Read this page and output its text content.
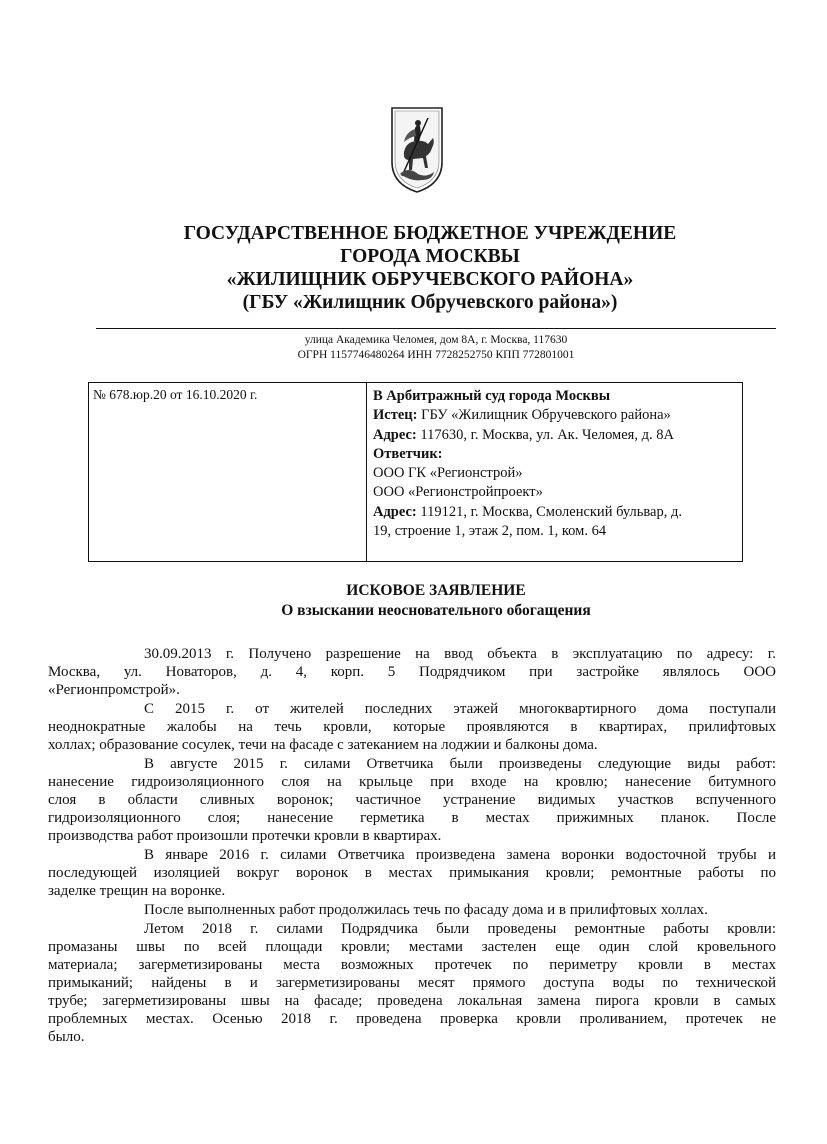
ГОСУДАРСТВЕННОЕ БЮДЖЕТНОЕ УЧРЕЖДЕНИЕ
ГОРОДА МОСКВЫ
«ЖИЛИЩНИК ОБРУЧЕВСКОГО РАЙОНА»
(ГБУ «Жилищник Обручевского района»)
улица Академика Челомея, дом 8А, г. Москва, 117630
ОГРН 1157746480264 ИНН 7728252750 КПП 772801001
№ 678.юр.20 от 16.10.2020 г.	В Арбитражный суд города Москвы
Истец: ГБУ «Жилищник Обручевского района»
Адрес: 117630, г. Москва, ул. Ак. Челомея, д. 8А
Ответчик:
ООО ГК «Регионстрой»
ООО «Регионстройпроект»
Адрес: 119121, г. Москва, Смоленский бульвар, д.
19, строение 1, этаж 2, пом. 1, ком. 64
ИСКОВОЕ ЗАЯВЛЕНИЕ
О взыскании неосновательного обогащения

30.09.2013 г. Получено разрешение на ввод объекта в эксплуатацию по адресу: г.
Москва, ул. Новаторов, д. 4, корп. 5 Подрядчиком при застройке являлось ООО
«Регионпромстрой».

С 2015 г. от жителей последних этажей многоквартирного дома поступали
неоднократные жалобы на течь кровли, которые проявляются в квартирах, прилифтовых
холлах; образование сосулек, течи на фасаде с затеканием на лоджии и балконы дома.

В августе 2015 г. силами Ответчика были произведены следующие виды работ:
нанесение гидроизоляционного слоя на крыльце при входе на кровлю; нанесение битумного
слоя в области сливных воронок; частичное устранение видимых участков вспученного
гидроизоляционного слоя; нанесение герметика в местах прижимных планок. После
производства работ произошли протечки кровли в квартирах.

В январе 2016 г. силами Ответчика произведена замена воронки водосточной трубы и
последующей изоляцией вокруг воронок в местах примыкания кровли; ремонтные работы по
заделке трещин на воронке.

После выполненных работ продолжилась течь по фасаду дома и в прилифтовых холлах.

Летом 2018 г. силами Подрядчика были проведены ремонтные работы кровли:
промазаны швы по всей площади кровли; местами застелен еще один слой кровельного
материала; загерметизированы места возможных протечек по периметру кровли в местах
примыканий; найдены в и загерметизированы месят прямого доступа воды по технической
трубе; загерметизированы швы на фасаде; проведена локальная замена пирога кровли в самых
проблемных местах. Осенью 2018 г. проведена проверка кровли проливанием, протечек не
было.
